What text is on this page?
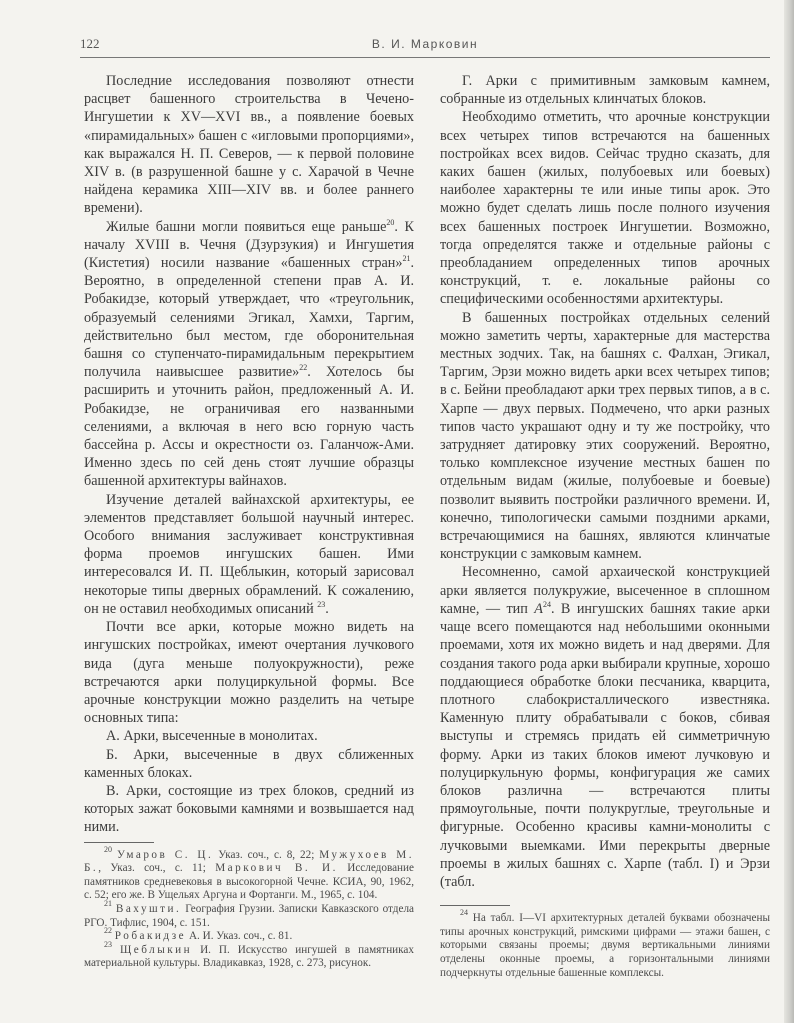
122	В. И. Марковин

Последние исследования позволяют отнести расцвет башенного строительства в Чечено-Ингушетии к XV—XVI вв., а появление боевых «пирамидальных» башен с «игловыми пропорциями», как выражался Н. П. Северов, — к первой половине XIV в. (в разрушенной башне у с. Харачой в Чечне найдена керамика XIII—XIV вв. и более раннего времени).

Жилые башни могли появиться еще раньше$^{20}$. К началу XVIII в. Чечня (Дзурзукия) и Ингушетия (Кистетия) носили название «башенных стран»$^{21}$. Вероятно, в определенной степени прав А. И. Робакидзе, который утверждает, что «треугольник, образуемый селениями Эгикал, Хамхи, Таргим, действительно был местом, где оборонительная башня со ступенчато-пирамидальным перекрытием получила наивысшее развитие»$^{22}$. Хотелось бы расширить и уточнить район, предложенный А. И. Робакидзе, не ограничивая его названными селениями, а включая в него всю горную часть бассейна р. Ассы и окрестности оз. Галанчож-Ами. Именно здесь по сей день стоят лучшие образцы башенной архитектуры вайнахов.

Изучение деталей вайнахской архитектуры, ее элементов представляет большой научный интерес. Особого внимания заслуживает конструктивная форма проемов ингушских башен. Ими интересовался И. П. Щеблыкин, который зарисовал некоторые типы дверных обрамлений. К сожалению, он не оставил необходимых описаний $^{23}$.

Почти все арки, которые можно видеть на ингушских постройках, имеют очертания лучкового вида (дуга меньше полуокружности), реже встречаются арки полуциркульной формы. Все арочные конструкции можно разделить на четыре основных типа:

А. Арки, высеченные в монолитах.

Б. Арки, высеченные в двух сближенных каменных блоках.

В. Арки, состоящие из трех блоков, средний из которых зажат боковыми камнями и возвышается над ними.

$^{20}$ Умаров С. Ц. Указ. соч., с. 8, 22; Мужухоев М. Б., Указ. соч., с. 11; Маркович В. И. Исследование памятников средневековья в высокогорной Чечне. КСИА, 90, 1962, с. 52; его же. В Ущельях Аргуна и Фортанги. М., 1965, с. 104.

$^{21}$ Вахушти. География Грузии. Записки Кавказского отдела РГО. Тифлис, 1904, с. 151.

$^{22}$ Робакидзе А. И. Указ. соч., с. 81.

$^{23}$ Щеблыкин И. П. Искусство ингушей в памятниках материальной культуры. Владикавказ, 1928, с. 273, рисунок.

Г. Арки с примитивным замковым камнем, собранные из отдельных клинчатых блоков.

Необходимо отметить, что арочные конструкции всех четырех типов встречаются на башенных постройках всех видов. Сейчас трудно сказать, для каких башен (жилых, полубоевых или боевых) наиболее характерны те или иные типы арок. Это можно будет сделать лишь после полного изучения всех башенных построек Ингушетии. Возможно, тогда определятся также и отдельные районы с преобладанием определенных типов арочных конструкций, т. е. локальные районы со специфическими особенностями архитектуры.

В башенных постройках отдельных селений можно заметить черты, характерные для мастерства местных зодчих. Так, на башнях с. Фалхан, Эгикал, Таргим, Эрзи можно видеть арки всех четырех типов; в с. Бейни преобладают арки трех первых типов, а в с. Харпе — двух первых. Подмечено, что арки разных типов часто украшают одну и ту же постройку, что затрудняет датировку этих сооружений. Вероятно, только комплексное изучение местных башен по отдельным видам (жилые, полубоевые и боевые) позволит выявить постройки различного времени. И, конечно, типологически самыми поздними арками, встречающимися на башнях, являются клинчатые конструкции с замковым камнем.

Несомненно, самой архаической конструкцией арки является полукружие, высеченное в сплошном камне, — тип $А^{24}$. В ингушских башнях такие арки чаще всего помещаются над небольшими оконными проемами, хотя их можно видеть и над дверями. Для создания такого рода арки выбирали крупные, хорошо поддающиеся обработке блоки песчаника, кварцита, плотного слабокристаллического известняка. Каменную плиту обрабатывали с боков, сбивая выступы и стремясь придать ей симметричную форму. Арки из таких блоков имеют лучковую и полуциркульную формы, конфигурация же самих блоков различна — встречаются плиты прямоугольные, почти полукруглые, треугольные и фигурные. Особенно красивы камни-монолиты с лучковыми выемками. Ими перекрыты дверные проемы в жилых башнях с. Харпе (табл. I) и Эрзи (табл.

$^{24}$ На табл. I—VI архитектурных деталей буквами обозначены типы арочных конструкций, римскими цифрами — этажи башен, с которыми связаны проемы; двумя вертикальными линиями отделены оконные проемы, а горизонтальными линиями подчеркнуты отдельные башенные комплексы.
